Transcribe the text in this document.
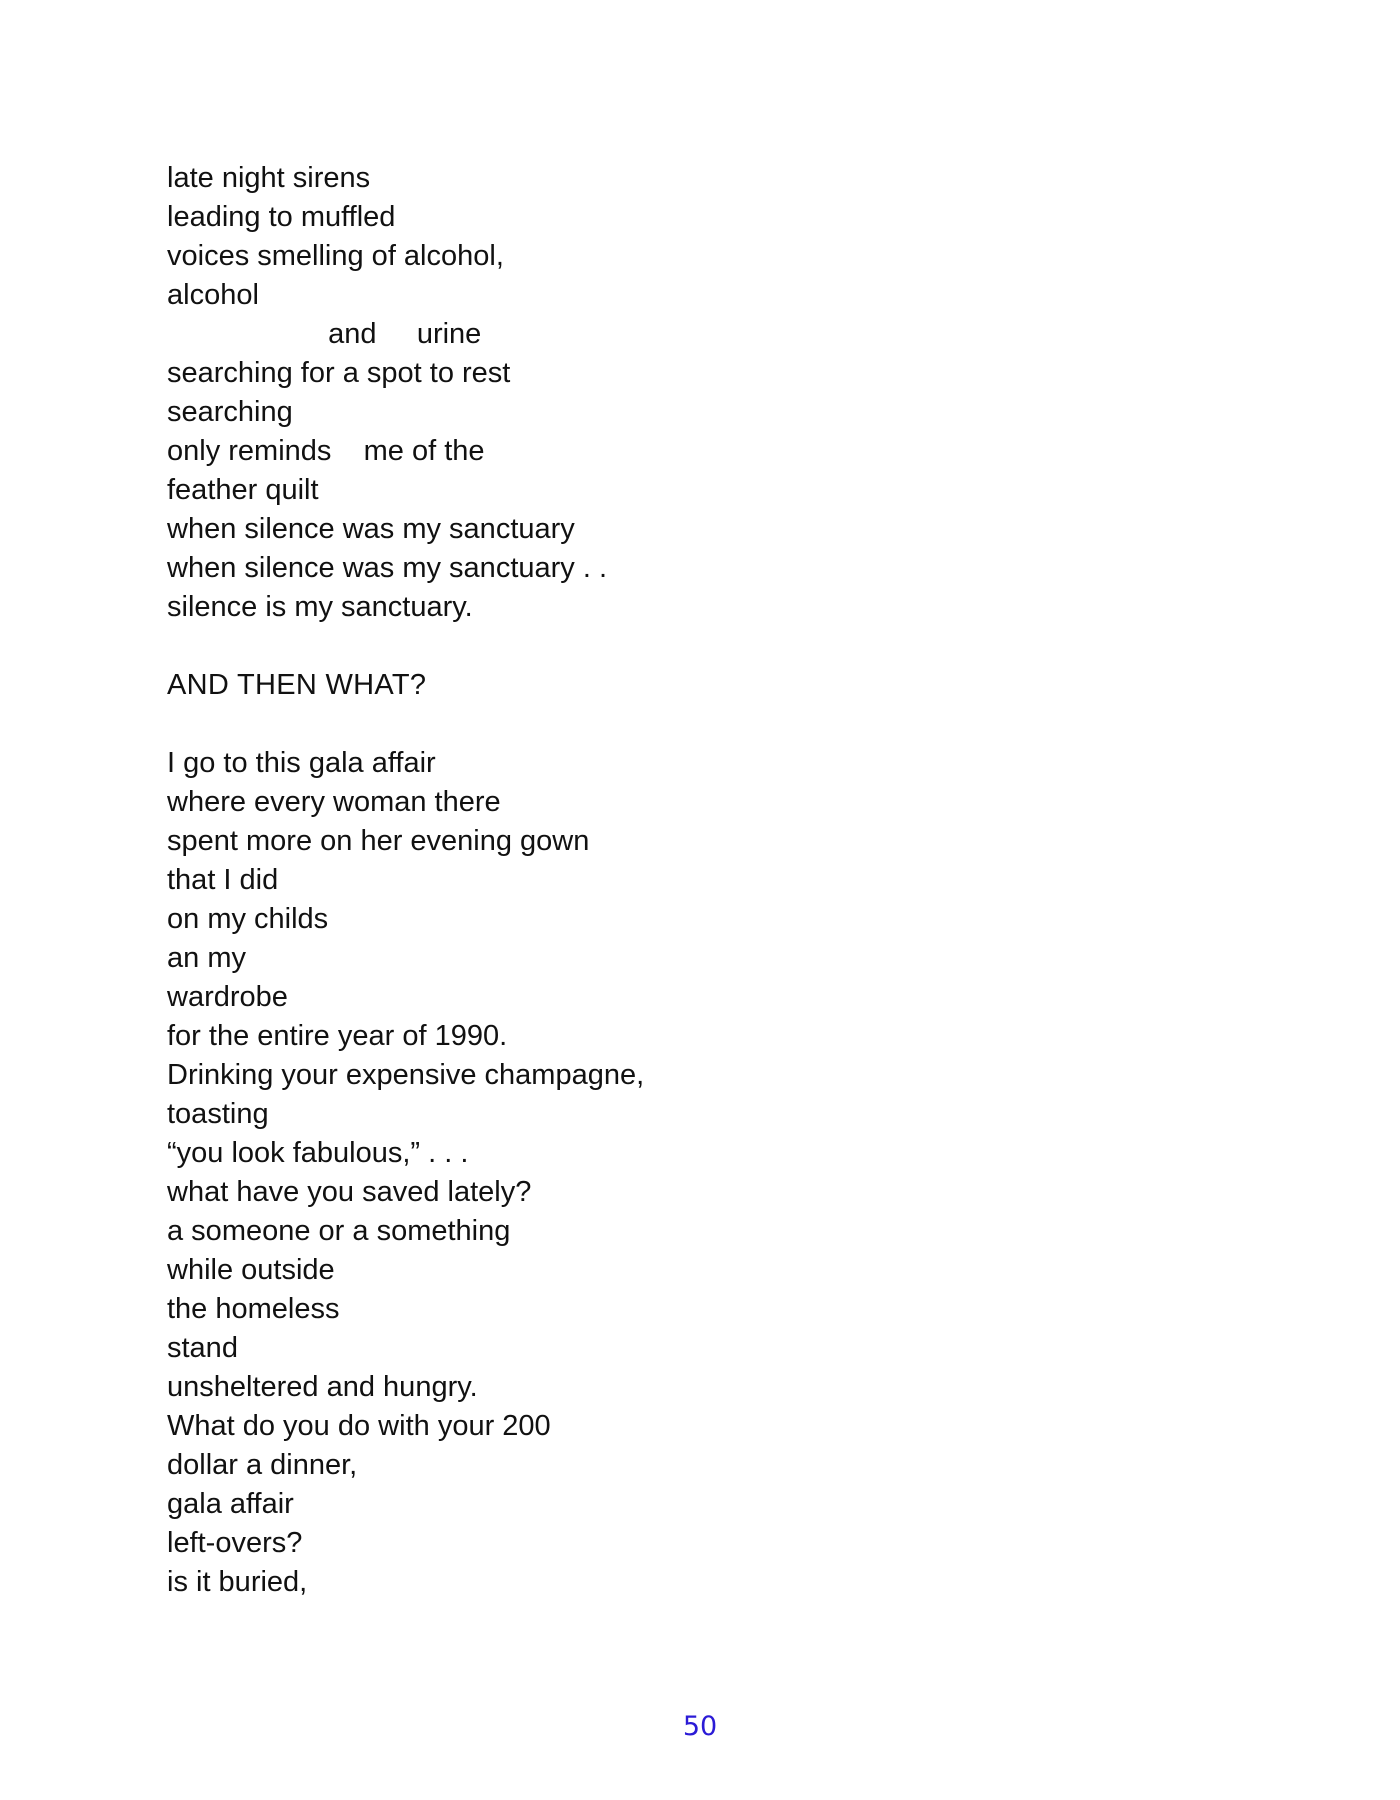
late night sirens
leading to muffled
voices smelling of alcohol,
alcohol
and     urine
searching for a spot to rest
searching
only reminds    me of the
feather quilt
when silence was my sanctuary
when silence was my sanctuary . .
silence is my sanctuary.
AND THEN WHAT?
I go to this gala affair
where every woman there
spent more on her evening gown
that I did
on my childs
an my
wardrobe
for the entire year of 1990.
Drinking your expensive champagne,
toasting
“you look fabulous,” . . .
what have you saved lately?
a someone or a something
while outside
the homeless
stand
unsheltered and hungry.
What do you do with your 200
dollar a dinner,
gala affair
left-overs?
is it buried,
50
